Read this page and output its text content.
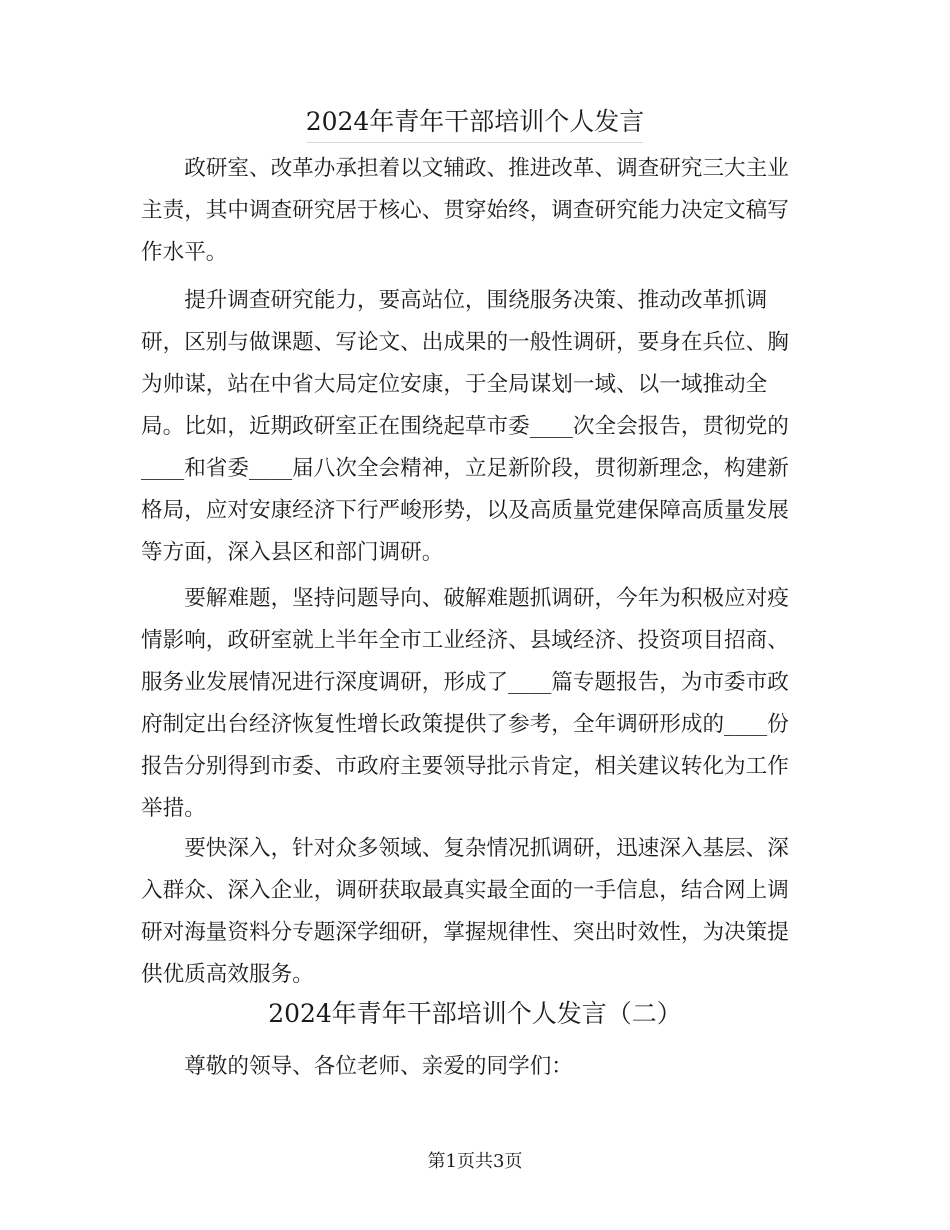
2024年青年干部培训个人发言
　　政研室、改革办承担着以文辅政、推进改革、调查研究三大主业
主责，其中调查研究居于核心、贯穿始终，调查研究能力决定文稿写
作水平。
　　提升调查研究能力，要高站位，围绕服务决策、推动改革抓调
研，区别与做课题、写论文、出成果的一般性调研，要身在兵位、胸
为帅谋，站在中省大局定位安康，于全局谋划一域、以一域推动全
局。比如，近期政研室正在围绕起草市委____次全会报告，贯彻党的
____和省委____届八次全会精神，立足新阶段，贯彻新理念，构建新
格局，应对安康经济下行严峻形势，以及高质量党建保障高质量发展
等方面，深入县区和部门调研。
　　要解难题，坚持问题导向、破解难题抓调研，今年为积极应对疫
情影响，政研室就上半年全市工业经济、县域经济、投资项目招商、
服务业发展情况进行深度调研，形成了____篇专题报告，为市委市政
府制定出台经济恢复性增长政策提供了参考，全年调研形成的____份
报告分别得到市委、市政府主要领导批示肯定，相关建议转化为工作
举措。
　　要快深入，针对众多领域、复杂情况抓调研，迅速深入基层、深
入群众、深入企业，调研获取最真实最全面的一手信息，结合网上调
研对海量资料分专题深学细研，掌握规律性、突出时效性，为决策提
供优质高效服务。
2024年青年干部培训个人发言（二）
　　尊敬的领导、各位老师、亲爱的同学们：
第1页共3页
